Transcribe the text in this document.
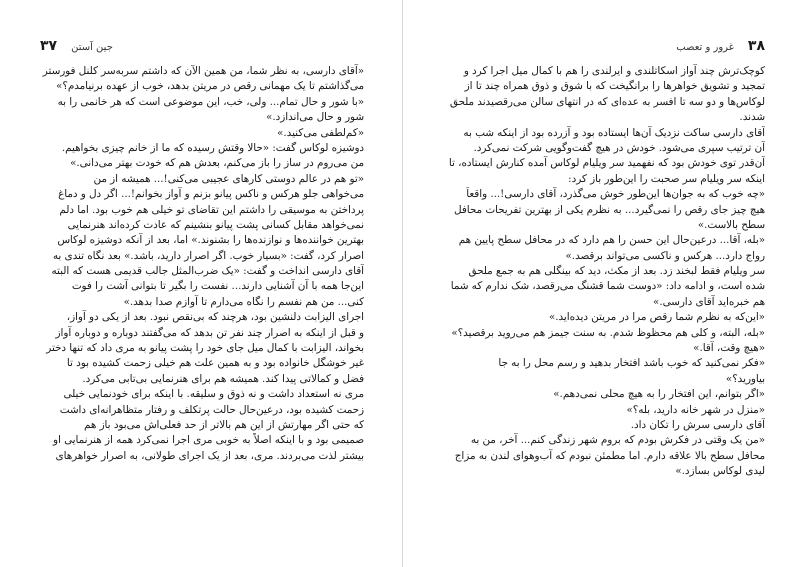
۳۷ جین آستن
«آقای دارسی، به نظر شما، من همین الآن که داشتم سربه‌سر کلنل فورستر
می‌گذاشتم تا یک مهمانی رقص در مریتن بدهد، خوب از عهده برنیامدم؟»
«با شور و حال تمام... ولی، خب، این موضوعی است که هر خانمی را به
شور و حال می‌اندازد.»
«کم‌لطفی می‌کنید.»
دوشیزه لوکاس گفت: «حالا وقتش رسیده که ما از خانم چیزی بخواهیم.
من می‌روم در ساز را باز می‌کنم، بعدش هم که خودت بهتر می‌دانی.»
«تو هم در عالم دوستی کارهای عجیبی می‌کنی!... همیشه از من
می‌خواهی جلو هرکس و ناکس پیانو بزنم و آواز بخوانم!... اگر دل و دماغ
پرداختن به موسیقی را داشتم این تقاضای تو خیلی هم خوب بود. اما دلم
نمی‌خواهد مقابل کسانی پشت پیانو بنشینم که عادت کرده‌اند هنرنمایی
بهترین خواننده‌ها و نوازنده‌ها را بشنوند.» اما، بعد از آنکه دوشیزه لوکاس
اصرار کرد، گفت: «بسیار خوب. اگر اصرار دارید، باشد.» بعد نگاه تندی به
آقای دارسی انداخت و گفت: «یک ضرب‌المثل جالب قدیمی هست که البته
این‌جا همه با آن آشنایی دارند... نفست را بگیر تا بتوانی آشت را فوت
کنی... من هم نفسم را نگاه می‌دارم تا آوازم صدا بدهد.»
اجرای الیزابت دلنشین بود، هرچند که بی‌نقص نبود. بعد از یکی دو آواز،
و قبل از اینکه به اصرار چند نفر تن بدهد که می‌گفتند دوباره و دوباره آواز
بخواند، الیزابت با کمال میل جای خود را پشت پیانو به مری داد که تنها دختر
غیر خوشگل خانواده بود و به همین علت هم خیلی زحمت کشیده بود تا
فضل و کمالاتی پیدا کند. همیشه هم برای هنرنمایی بی‌تابی می‌کرد.
مری نه استعداد داشت و نه ذوق و سلیقه. با اینکه برای خودنمایی خیلی
زحمت کشیده بود، درعین‌حال حالت پرتکلف و رفتار متظاهرانه‌ای داشت
که حتی اگر مهارتش از این هم بالاتر از حد فعلی‌اش می‌بود باز هم
صمیمی بود و با اینکه اصلاً به خوبی مری اجرا نمی‌کرد همه از هنرنمایی او
بیشتر لذت می‌بردند. مری، بعد از یک اجرای طولانی، به اصرار خواهرهای
۳۸
غرور و تعصب
کوچک‌ترش چند آواز اسکاتلندی و ایرلندی را هم با کمال میل اجرا کرد و
تمجید و تشویق خواهرها را برانگیخت که با شوق و ذوق همراه چند تا از
لوکاس‌ها و دو سه تا افسر به عده‌ای که در انتهای سالن می‌رقصیدند ملحق
شدند.
آقای دارسی ساکت نزدیک آن‌ها ایستاده بود و آزرده بود از اینکه شب به
آن ترتیب سپری می‌شود. خودش در هیچ گفت‌وگویی شرکت نمی‌کرد.
آن‌قدر توی خودش بود که نفهمید سر ویلیام لوکاس آمده کنارش ایستاده، تا
اینکه سر ویلیام سر صحبت را این‌طور باز کرد:
«چه خوب که به جوان‌ها این‌طور خوش می‌گذرد، آقای دارسی!... واقعاً
هیچ چیز جای رقص را نمی‌گیرد... به نظرم یکی از بهترین تفریحات محافل
سطح بالاست.»
«بله، آقا... درعین‌حال این حسن را هم دارد که در محافل سطح پایین هم
رواج دارد... هرکس و ناکسی می‌تواند برقصد.»
سر ویلیام فقط لبخند زد. بعد از مکث، دید که بینگلی هم به جمع ملحق
شده است، و ادامه داد: «دوست شما قشنگ می‌رقصد، شک ندارم که شما
هم خبره‌اید آقای دارسی.»
«این‌که به نظرم شما رقص مرا در مریتن دیده‌اید.»
«بله، البته، و کلی هم محظوظ شدم. به سنت جیمز هم می‌روید برقصید؟»
«هیچ وقت، آقا.»
«فکر نمی‌کنید که خوب باشد افتخار بدهید و رسم محل را به جا
بیاورید؟»
«اگر بتوانم، این افتخار را به هیچ محلی نمی‌دهم.»
«منزل در شهر خانه دارید، بله؟»
آقای دارسی سرش را تکان داد.
«من یک وقتی در فکرش بودم که بروم شهر زندگی کنم... آخر، من به
محافل سطح بالا علاقه دارم. اما مطمئن نبودم که آب‌وهوای لندن به مزاج
لیدی لوکاس بسازد.»
